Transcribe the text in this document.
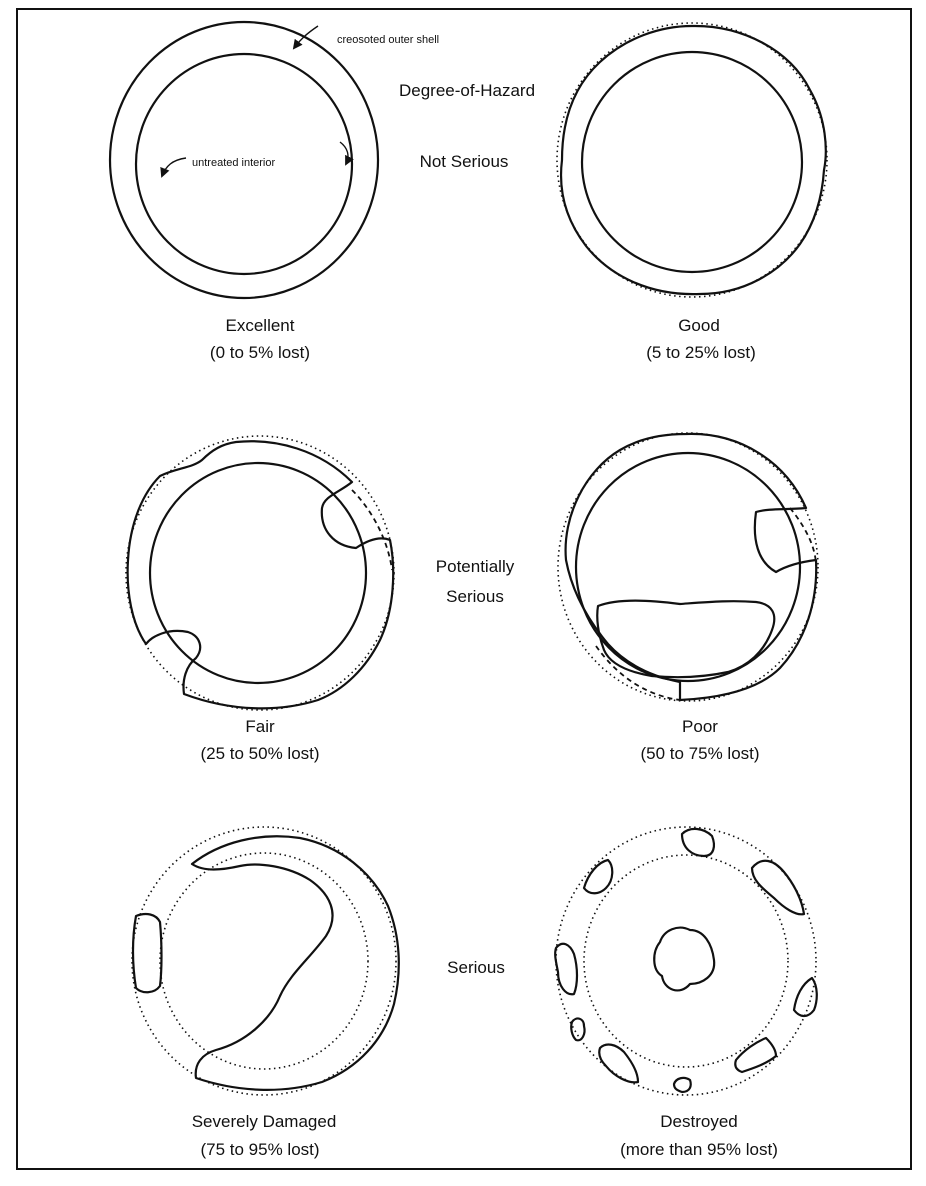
creosoted outer shell
untreated interior
Degree-of-Hazard
Not Serious
Potentially
Serious
Serious
Excellent
(0 to 5% lost)
Good
(5 to 25% lost)
Fair
(25 to 50% lost)
Poor
(50 to 75% lost)
Severely Damaged
(75 to 95% lost)
Destroyed
(more than 95% lost)
